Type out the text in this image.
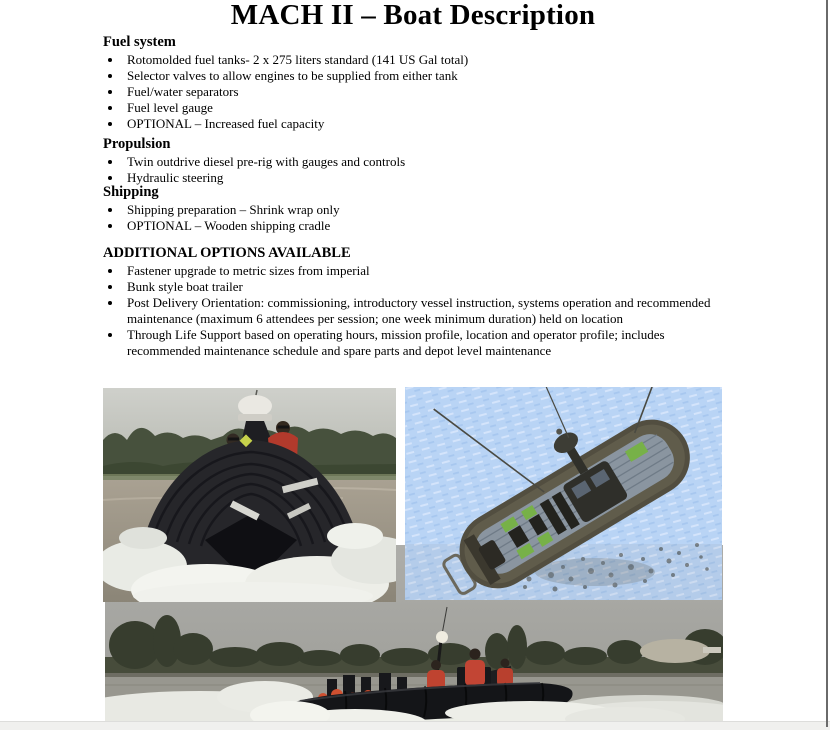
MACH II – Boat Description
Fuel system
Rotomolded fuel tanks- 2 x 275 liters standard (141 US Gal total)
Selector valves to allow engines to be supplied from either tank
Fuel/water separators
Fuel level gauge
OPTIONAL – Increased fuel capacity
Propulsion
Twin outdrive diesel pre-rig with gauges and controls
Hydraulic steering
Shipping
Shipping preparation – Shrink wrap only
OPTIONAL – Wooden shipping cradle
ADDITIONAL OPTIONS AVAILABLE
Fastener upgrade to metric sizes from imperial
Bunk style boat trailer
Post Delivery Orientation: commissioning, introductory vessel instruction, systems operation and recommended
maintenance (maximum 6 attendees per session; one week minimum duration) held on location
Through Life Support based on operating hours, mission profile, location and operator profile; includes
recommended maintenance schedule and spare parts and depot level maintenance
